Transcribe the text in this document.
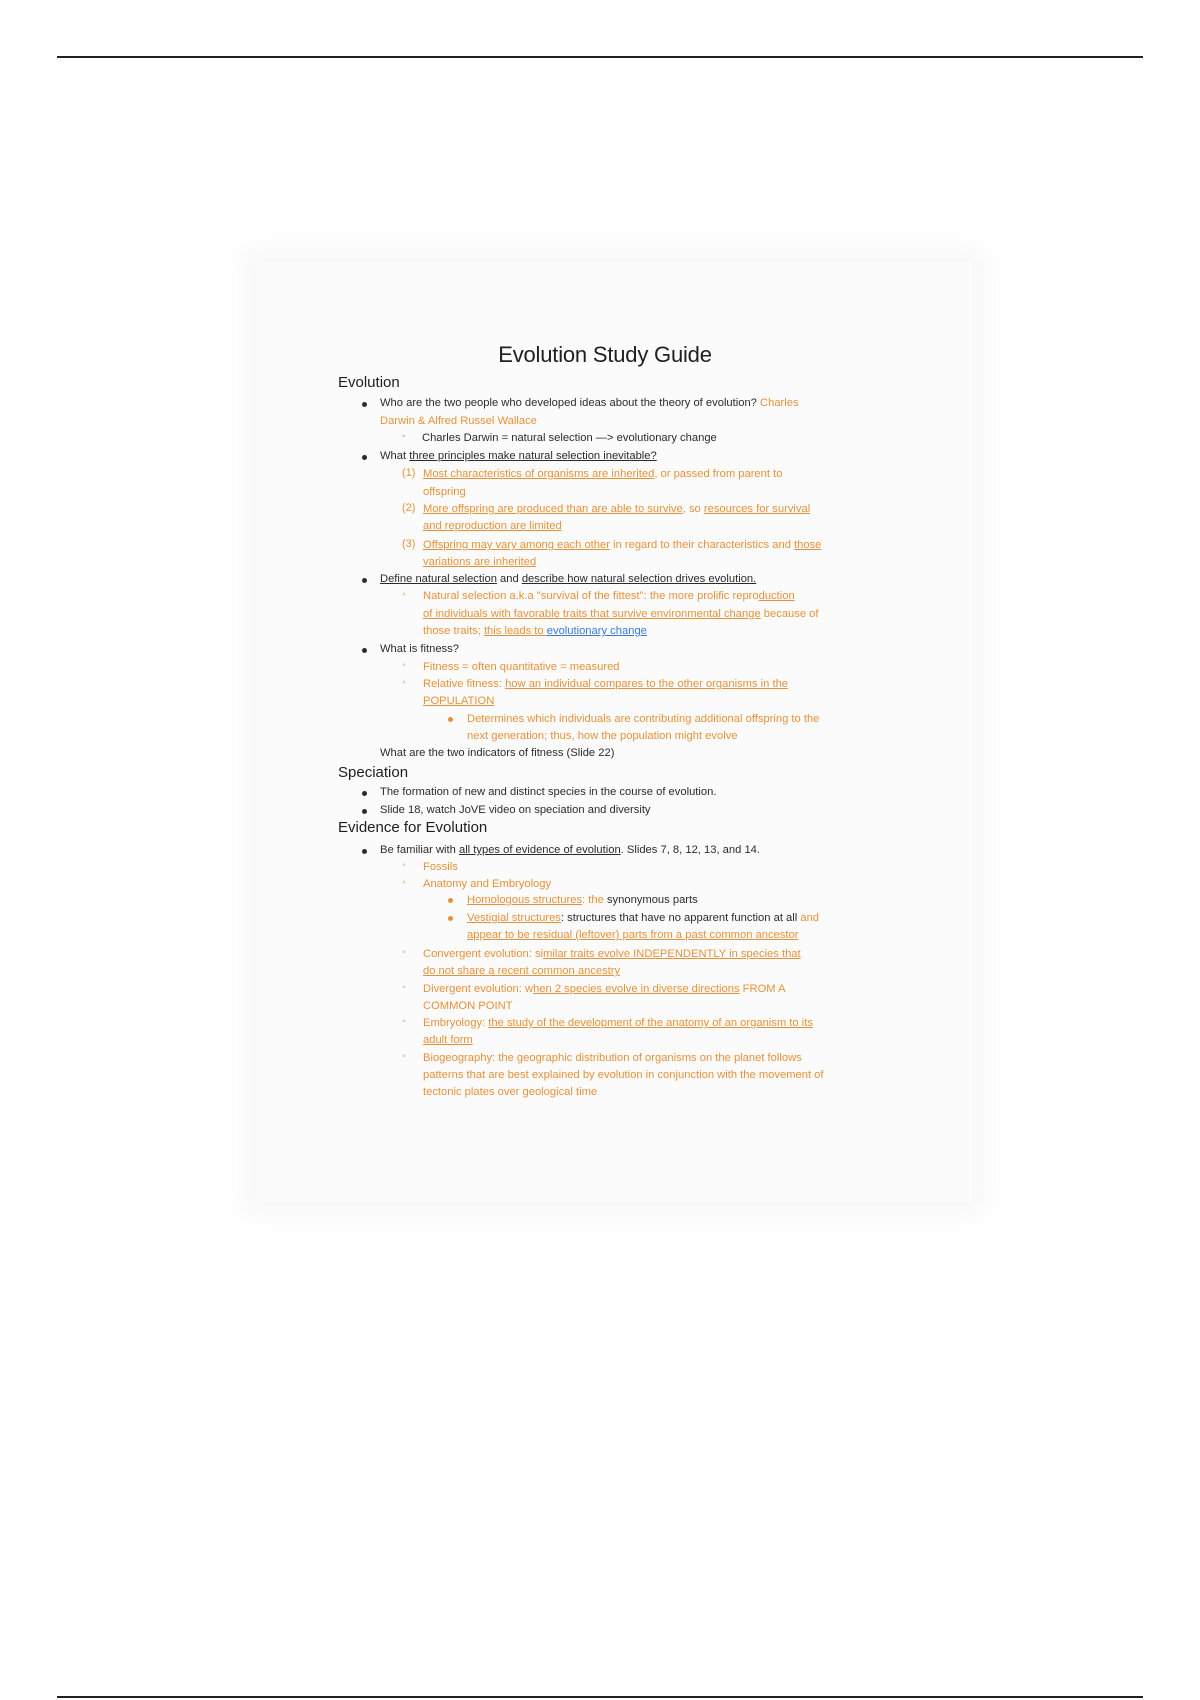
Evolution Study Guide
Evolution
Who are the two people who developed ideas about the theory of evolution? Charles
Darwin & Alfred Russel Wallace
◦ Charles Darwin = natural selection —> evolutionary change
What three principles make natural selection inevitable?
(1) Most characteristics of organisms are inherited, or passed from parent to
offspring
(2) More offspring are produced than are able to survive, so resources for survival
and reproduction are limited
(3) Offspring may vary among each other in regard to their characteristics and those
variations are inherited
Define natural selection and describe how natural selection drives evolution.
◦ Natural selection a.k.a "survival of the fittest": the more prolific reproduction
of individuals with favorable traits that survive environmental change because of
those traits; this leads to evolutionary change
What is fitness?
◦ Fitness = often quantitative = measured
◦ Relative fitness: how an individual compares to the other organisms in the
POPULATION
Determines which individuals are contributing additional offspring to the
next generation; thus, how the population might evolve
What are the two indicators of fitness (Slide 22)
Speciation
The formation of new and distinct species in the course of evolution.
Slide 18, watch JoVE video on speciation and diversity
Evidence for Evolution
Be familiar with all types of evidence of evolution. Slides 7, 8, 12, 13, and 14.
◦ Fossils
◦ Anatomy and Embryology
Homologous structures: the synonymous parts
Vestigial structures: structures that have no apparent function at all and
appear to be residual (leftover) parts from a past common ancestor
◦ Convergent evolution: similar traits evolve INDEPENDENTLY in species that
do not share a recent common ancestry
◦ Divergent evolution: when 2 species evolve in diverse directions FROM A
COMMON POINT
◦ Embryology: the study of the development of the anatomy of an organism to its
adult form
◦ Biogeography: the geographic distribution of organisms on the planet follows
patterns that are best explained by evolution in conjunction with the movement of
tectonic plates over geological time
